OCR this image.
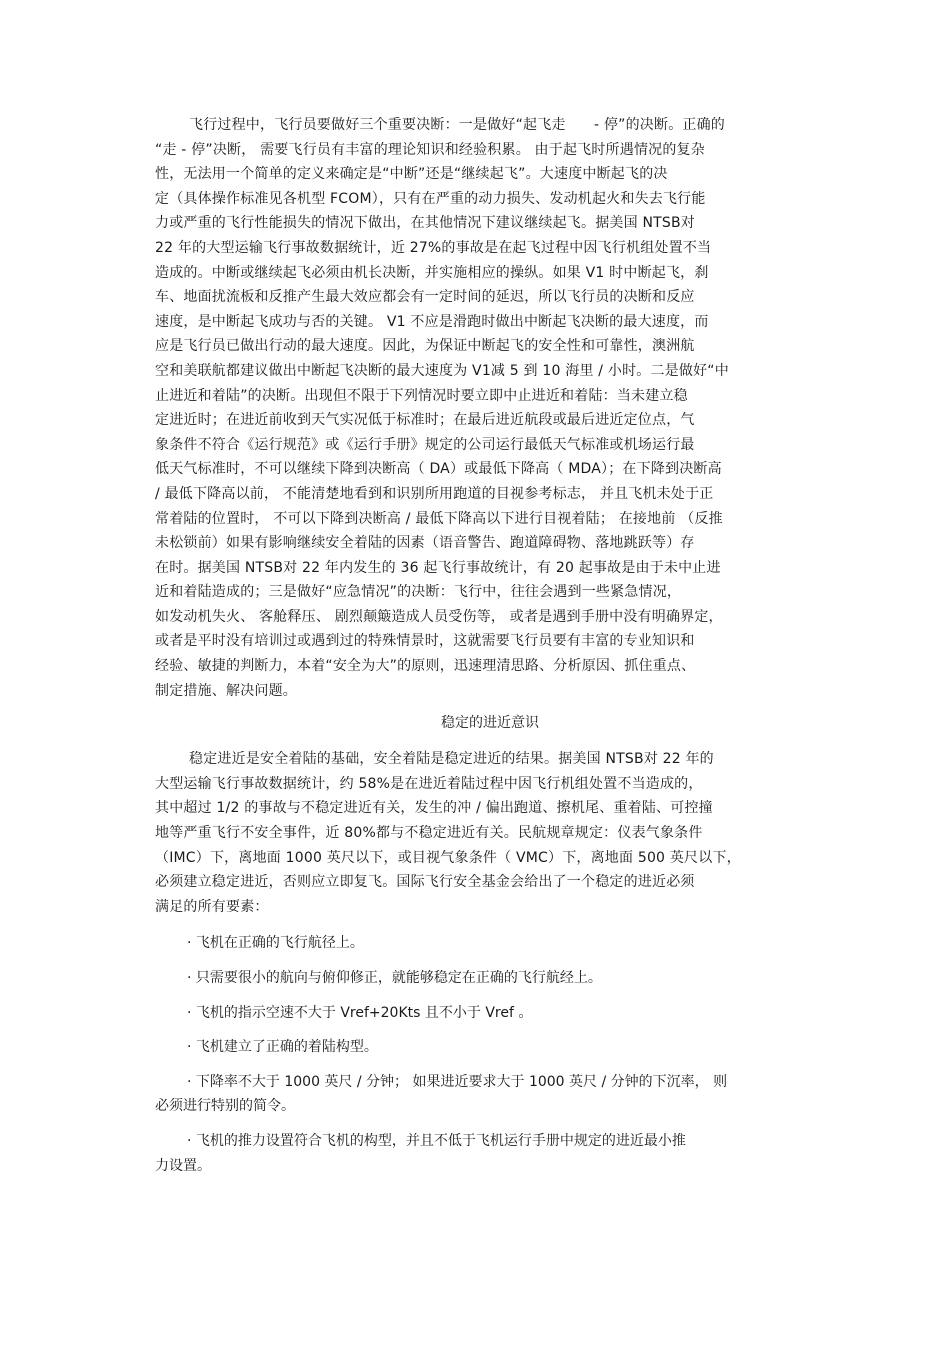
飞行过程中，飞行员要做好三个重要决断：一是做好“起飞走　　- 停”的决断。正确的
“走 - 停”决断， 需要飞行员有丰富的理论知识和经验积累。 由于起飞时所遇情况的复杂
性，无法用一个简单的定义来确定是“中断”还是“继续起飞”。大速度中断起飞的决
定（具体操作标准见各机型 FCOM），只有在严重的动力损失、发动机起火和失去飞行能
力或严重的飞行性能损失的情况下做出，在其他情况下建议继续起飞。据美国 NTSB对
22 年的大型运输飞行事故数据统计，近 27%的事故是在起飞过程中因飞行机组处置不当
造成的。中断或继续起飞必须由机长决断，并实施相应的操纵。如果 V1 时中断起飞，刹
车、地面扰流板和反推产生最大效应都会有一定时间的延迟，所以飞行员的决断和反应
速度，是中断起飞成功与否的关键。 V1 不应是滑跑时做出中断起飞决断的最大速度，而
应是飞行员已做出行动的最大速度。因此，为保证中断起飞的安全性和可靠性，澳洲航
空和美联航都建议做出中断起飞决断的最大速度为 V1减 5 到 10 海里 / 小时。二是做好“中
止进近和着陆”的决断。出现但不限于下列情况时要立即中止进近和着陆：当未建立稳
定进近时；在进近前收到天气实况低于标准时；在最后进近航段或最后进近定位点，气
象条件不符合《运行规范》或《运行手册》规定的公司运行最低天气标准或机场运行最
低天气标准时，不可以继续下降到决断高（ DA）或最低下降高（ MDA）；在下降到决断高
/ 最低下降高以前， 不能清楚地看到和识别所用跑道的目视参考标志， 并且飞机未处于正
常着陆的位置时， 不可以下降到决断高 / 最低下降高以下进行目视着陆； 在接地前 （反推
未松锁前）如果有影响继续安全着陆的因素（语音警告、跑道障碍物、落地跳跃等）存
在时。据美国 NTSB对 22 年内发生的 36 起飞行事故统计，有 20 起事故是由于未中止进
近和着陆造成的；三是做好“应急情况”的决断：飞行中，往往会遇到一些紧急情况，
如发动机失火、 客舱释压、 剧烈颠簸造成人员受伤等， 或者是遇到手册中没有明确界定，
或者是平时没有培训过或遇到过的特殊情景时，这就需要飞行员要有丰富的专业知识和
经验、敏捷的判断力，本着“安全为大”的原则，迅速理清思路、分析原因、抓住重点、
制定措施、解决问题。
稳定的进近意识
稳定进近是安全着陆的基础，安全着陆是稳定进近的结果。据美国 NTSB对 22 年的
大型运输飞行事故数据统计，约 58%是在进近着陆过程中因飞行机组处置不当造成的，
其中超过 1/2 的事故与不稳定进近有关，发生的冲 / 偏出跑道、擦机尾、重着陆、可控撞
地等严重飞行不安全事件，近 80%都与不稳定进近有关。民航规章规定：仪表气象条件
（IMC）下，离地面 1000 英尺以下，或目视气象条件（ VMC）下，离地面 500 英尺以下，
必须建立稳定进近，否则应立即复飞。国际飞行安全基金会给出了一个稳定的进近必须
满足的所有要素：
· 飞机在正确的飞行航径上。
· 只需要很小的航向与俯仰修正，就能够稳定在正确的飞行航经上。
· 飞机的指示空速不大于 Vref+20Kts 且不小于 Vref 。
· 飞机建立了正确的着陆构型。
· 下降率不大于 1000 英尺 / 分钟； 如果进近要求大于 1000 英尺 / 分钟的下沉率， 则
必须进行特别的简令。
· 飞机的推力设置符合飞机的构型，并且不低于飞机运行手册中规定的进近最小推
力设置。
